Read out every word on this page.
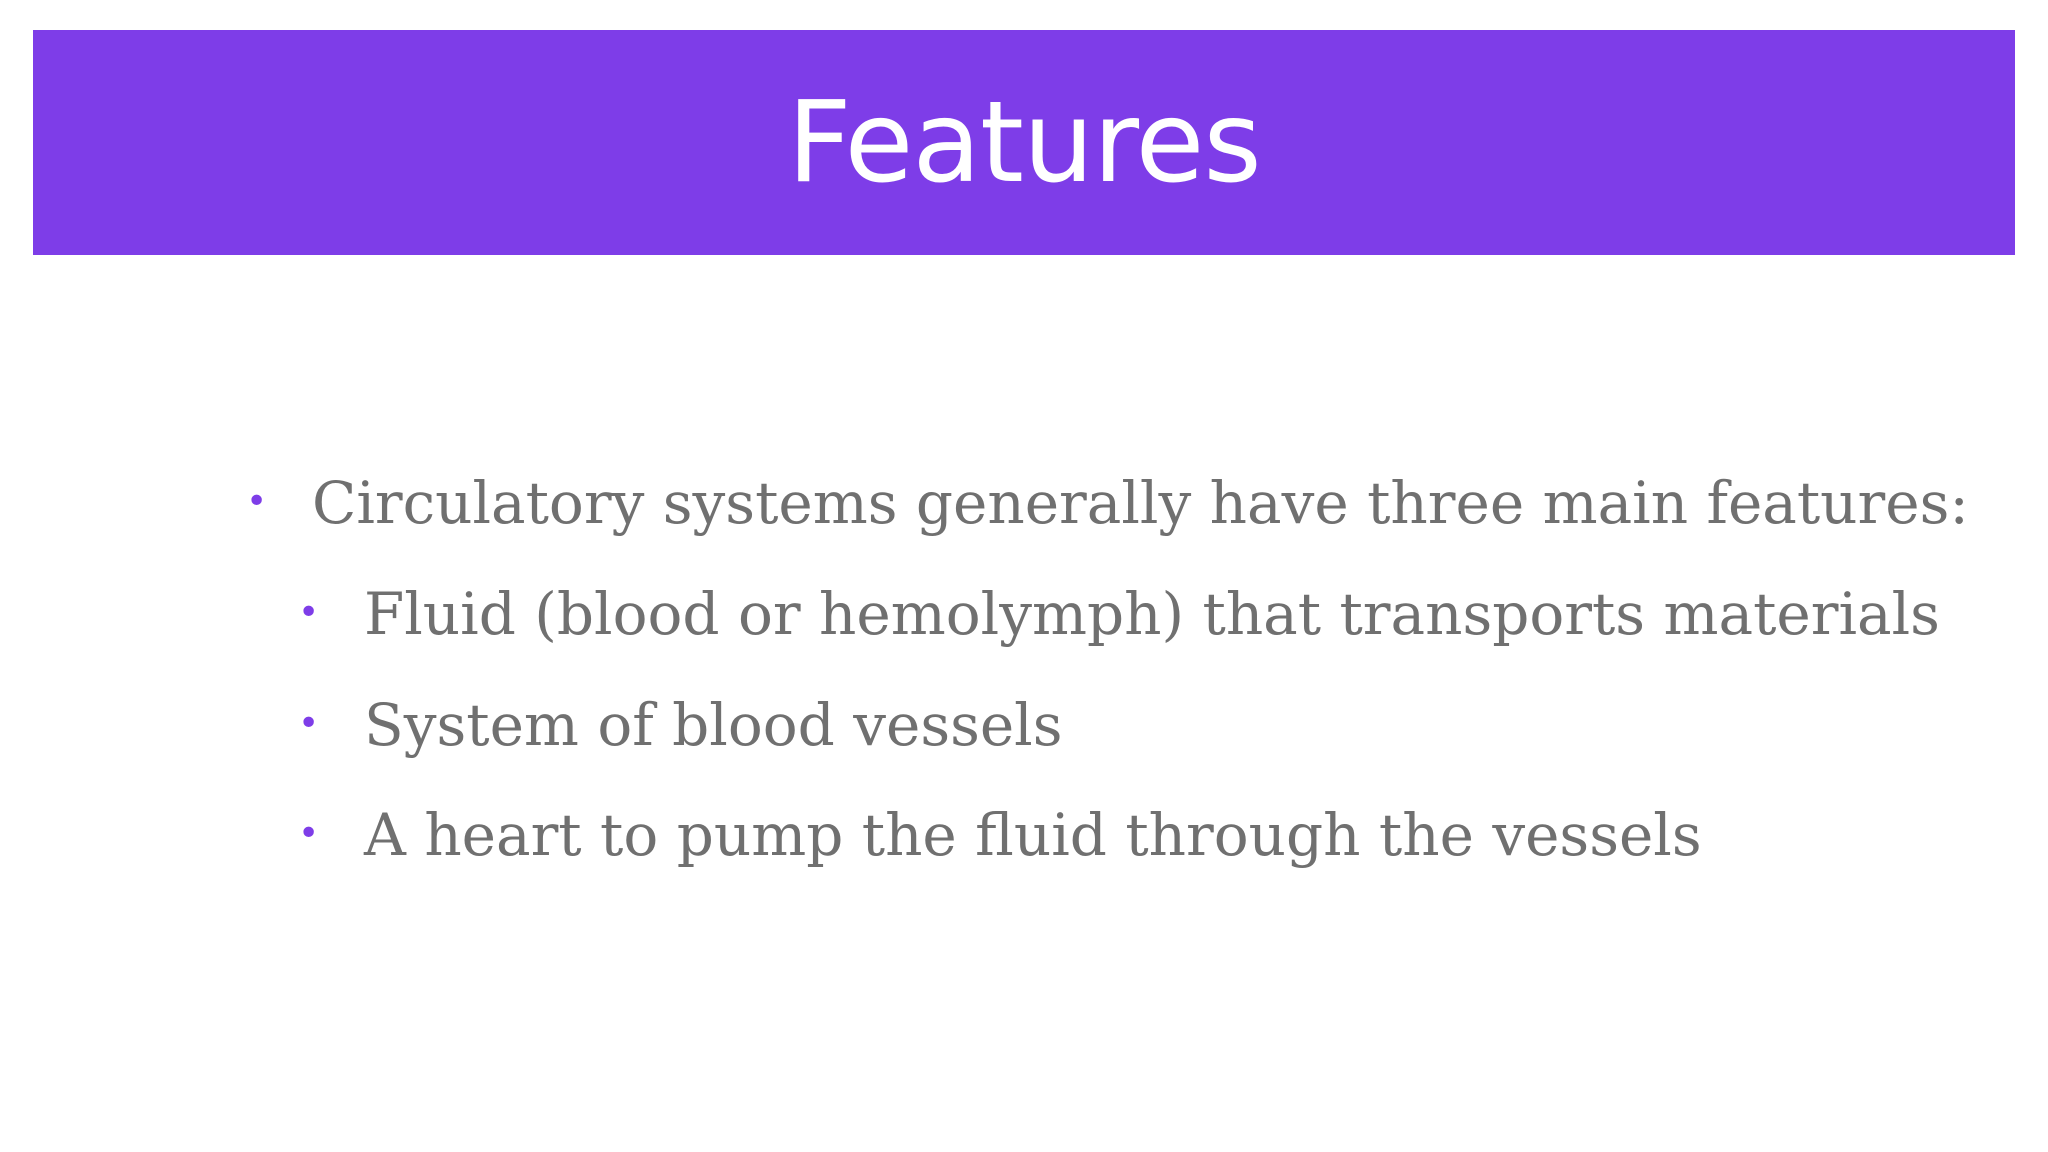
Features
• Circulatory systems generally have three main features:
• Fluid (blood or hemolymph) that transports materials
• System of blood vessels
• A heart to pump the fluid through the vessels
